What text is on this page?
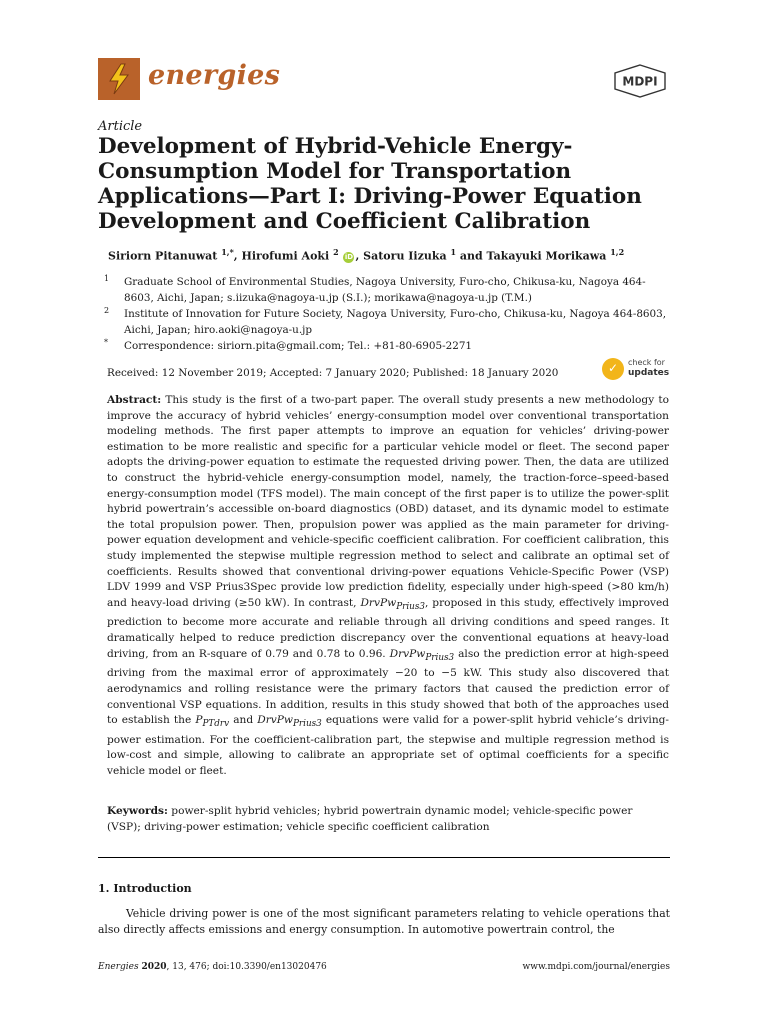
energies	MDPI
Article
Development of Hybrid-Vehicle Energy-Consumption Model for Transportation Applications—Part I: Driving-Power Equation Development and Coefficient Calibration
Siriorn Pitanuwat $^{1,*}$, Hirofumi Aoki $^2$ iD , Satoru Iizuka $^1$ and Takayuki Morikawa $^{1,2}$
1 Graduate School of Environmental Studies, Nagoya University, Furo-cho, Chikusa-ku, Nagoya 464-8603, Aichi, Japan; s.iizuka@nagoya-u.jp (S.I.); morikawa@nagoya-u.jp (T.M.)
2 Institute of Innovation for Future Society, Nagoya University, Furo-cho, Chikusa-ku, Nagoya 464-8603, Aichi, Japan; hiro.aoki@nagoya-u.jp
* Correspondence: siriorn.pita@gmail.com; Tel.: +81-80-6905-2271
Received: 12 November 2019; Accepted: 7 January 2020; Published: 18 January 2020	✓ check for
updates

Abstract: This study is the first of a two-part paper. The overall study presents a new methodology to improve the accuracy of hybrid vehicles’ energy-consumption model over conventional transportation modeling methods. The first paper attempts to improve an equation for vehicles’ driving-power estimation to be more realistic and specific for a particular vehicle model or fleet. The second paper adopts the driving-power equation to estimate the requested driving power. Then, the data are utilized to construct the hybrid-vehicle energy-consumption model, namely, the traction-force–speed-based energy-consumption model (TFS model). The main concept of the first paper is to utilize the power-split hybrid powertrain’s accessible on-board diagnostics (OBD) dataset, and its dynamic model to estimate the total propulsion power. Then, propulsion power was applied as the main parameter for driving-power equation development and vehicle-specific coefficient calibration. For coefficient calibration, this study implemented the stepwise multiple regression method to select and calibrate an optimal set of coefficients. Results showed that conventional driving-power equations Vehicle-Specific Power (VSP) LDV 1999 and VSP Prius3Spec provide low prediction fidelity, especially under high-speed (>80 km/h) and heavy-load driving (≥50 kW). In contrast, DrvPw$_{Prius3}$, proposed in this study, effectively improved prediction to become more accurate and reliable through all driving conditions and speed ranges. It dramatically helped to reduce prediction discrepancy over the conventional equations at heavy-load driving, from an R-square of 0.79 and 0.78 to 0.96. DrvPw$_{Prius3}$ also the prediction error at high-speed driving from the maximal error of approximately −20 to −5 kW. This study also discovered that aerodynamics and rolling resistance were the primary factors that caused the prediction error of conventional VSP equations. In addition, results in this study showed that both of the approaches used to establish the $P_{PTdrv}$ and DrvPw$_{Prius3}$ equations were valid for a power-split hybrid vehicle’s driving-power estimation. For the coefficient-calibration part, the stepwise and multiple regression method is low-cost and simple, allowing to calibrate an appropriate set of optimal coefficients for a specific vehicle model or fleet.

Keywords: power-split hybrid vehicles; hybrid powertrain dynamic model; vehicle-specific power (VSP); driving-power estimation; vehicle specific coefficient calibration

1. Introduction

Vehicle driving power is one of the most significant parameters relating to vehicle operations that also directly affects emissions and energy consumption. In automotive powertrain control, the

Energies 2020, 13, 476; doi:10.3390/en13020476	www.mdpi.com/journal/energies
